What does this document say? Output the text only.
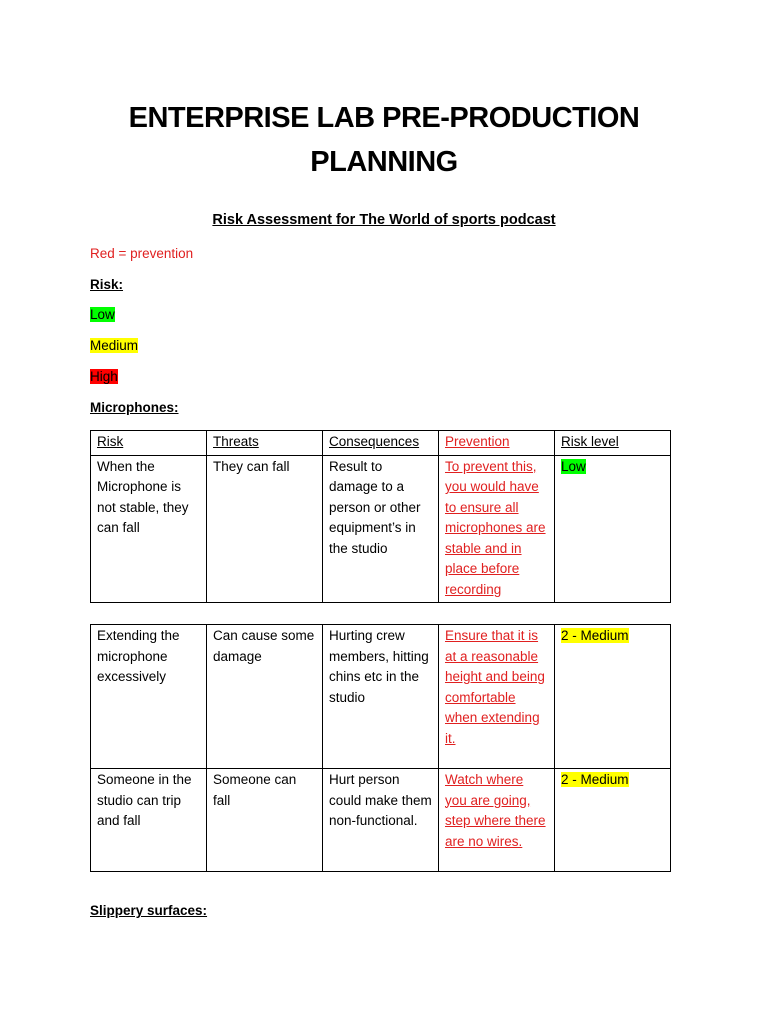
ENTERPRISE LAB PRE-PRODUCTION
PLANNING
Risk Assessment for The World of sports podcast
Red = prevention
Risk:
Low
Medium
High
Microphones:
Risk	Threats	Consequences	Prevention	Risk level
When the Microphone is not stable, they can fall	They can fall	Result to damage to a person or other equipment’s in the studio	To prevent this, you would have to ensure all microphones are stable and in place before recording	Low
Extending the microphone excessively	Can cause some damage	Hurting crew members, hitting chins etc in the studio	Ensure that it is at a reasonable height and being comfortable when extending it.	2 - Medium
Someone in the studio can trip and fall	Someone can fall	Hurt person could make them non-functional.	Watch where you are going, step where there are no wires.	2 - Medium
Slippery surfaces:
